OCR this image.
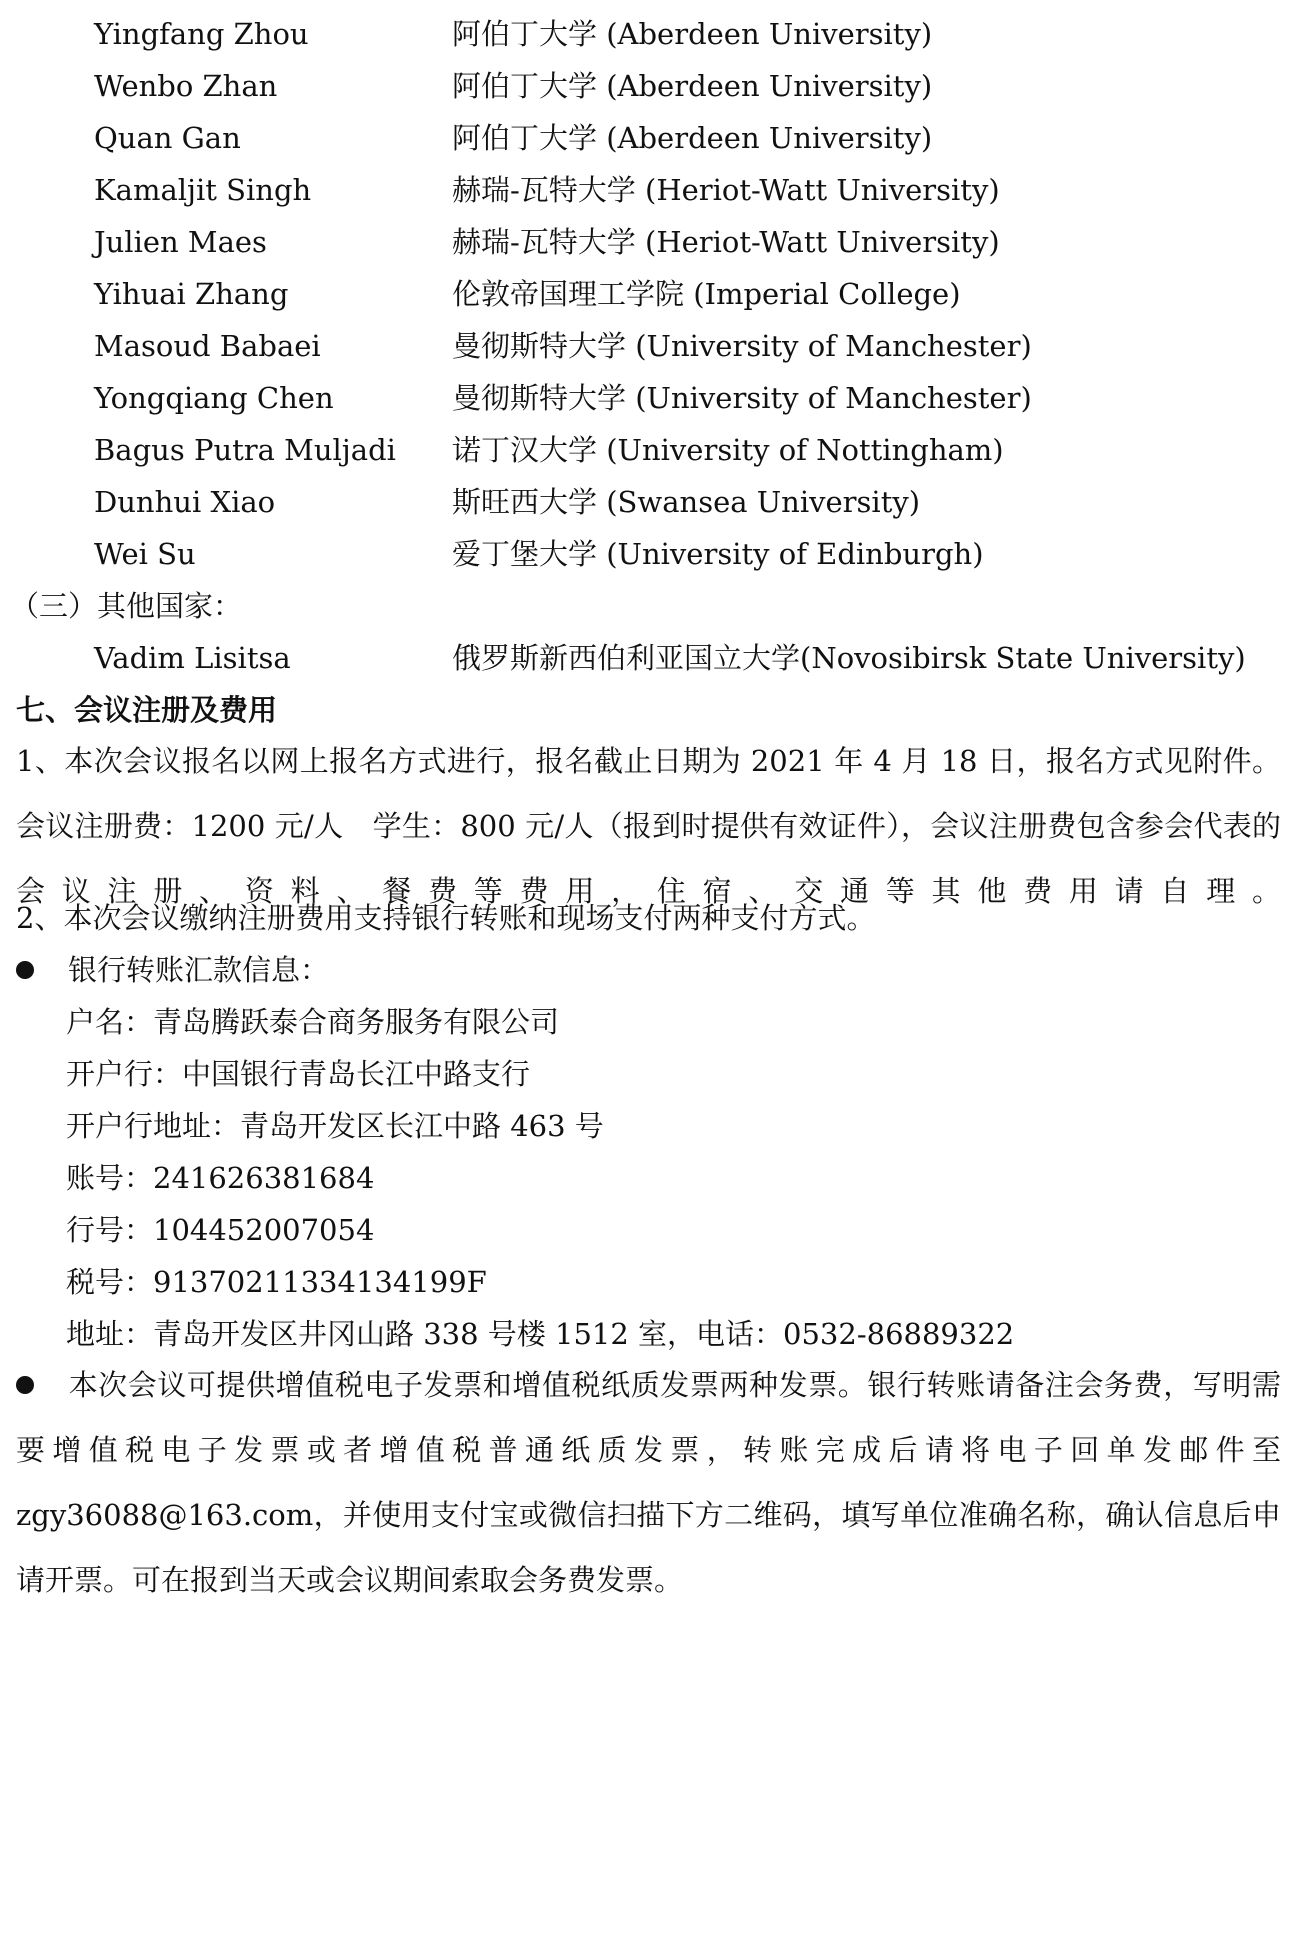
Yingfang Zhou	阿伯丁大学 (Aberdeen University)
Wenbo Zhan	阿伯丁大学 (Aberdeen University)
Quan Gan	阿伯丁大学 (Aberdeen University)
Kamaljit Singh	赫瑞-瓦特大学 (Heriot-Watt University)
Julien Maes	赫瑞-瓦特大学 (Heriot-Watt University)
Yihuai Zhang	伦敦帝国理工学院 (Imperial College)
Masoud Babaei	曼彻斯特大学 (University of Manchester)
Yongqiang Chen	曼彻斯特大学 (University of Manchester)
Bagus Putra Muljadi 诺丁汉大学 (University of Nottingham)
Dunhui Xiao	斯旺西大学 (Swansea University)
Wei Su	爱丁堡大学 (University of Edinburgh)
（三）其他国家：
Vadim Lisitsa	俄罗斯新西伯利亚国立大学(Novosibirsk State University)
七、会议注册及费用
1、本次会议报名以网上报名方式进行，报名截止日期为 2021 年 4 月 18 日，报名方式见附件。会议注册费：1200 元/人　学生：800 元/人（报到时提供有效证件），会议注册费包含参会代表的会议注册、资料、餐费等费用，住宿、交通等其他费用请自理。
2、本次会议缴纳注册费用支持银行转账和现场支付两种支付方式。
银行转账汇款信息：
户名：青岛腾跃泰合商务服务有限公司
开户行：中国银行青岛长江中路支行
开户行地址：青岛开发区长江中路 463 号
账号：241626381684
行号：104452007054
税号：91370211334134199F
地址：青岛开发区井冈山路 338 号楼 1512 室，电话：0532-86889322
本次会议可提供增值税电子发票和增值税纸质发票两种发票。银行转账请备注会务费，写明需要增值税电子发票或者增值税普通纸质发票，转账完成后请将电子回单发邮件至 zgy36088@163.com，并使用支付宝或微信扫描下方二维码，填写单位准确名称，确认信息后申请开票。可在报到当天或会议期间索取会务费发票。
